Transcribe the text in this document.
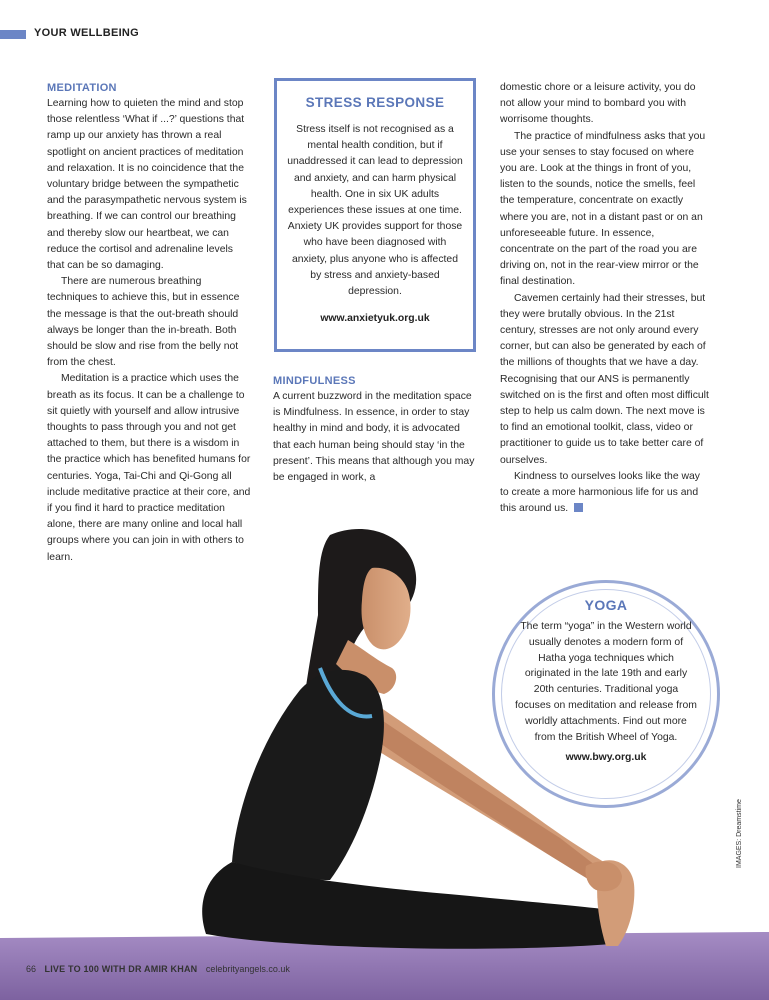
YOUR WELLBEING

MEDITATION

Learning how to quieten the mind and stop those relentless ‘What if ...?’ questions that ramp up our anxiety has thrown a real spotlight on ancient practices of meditation and relaxation. It is no coincidence that the voluntary bridge between the sympathetic and the parasympathetic nervous system is breathing. If we can control our breathing and thereby slow our heartbeat, we can reduce the cortisol and adrenaline levels that can be so damaging.

There are numerous breathing techniques to achieve this, but in essence the message is that the out-breath should always be longer than the in-breath. Both should be slow and rise from the belly not from the chest.

Meditation is a practice which uses the breath as its focus. It can be a challenge to sit quietly with yourself and allow intrusive thoughts to pass through you and not get attached to them, but there is a wisdom in the practice which has benefited humans for centuries. Yoga, Tai-Chi and Qi-Gong all include meditative practice at their core, and if you find it hard to practice meditation alone, there are many online and local hall groups where you can join in with others to learn.

STRESS RESPONSE
Stress itself is not recognised as a mental health condition, but if unaddressed it can lead to depression and anxiety, and can harm physical health. One in six UK adults experiences these issues at one time. Anxiety UK provides support for those who have been diagnosed with anxiety, plus anyone who is affected by stress and anxiety-based depression.
www.anxietyuk.org.uk

MINDFULNESS

A current buzzword in the meditation space is Mindfulness. In essence, in order to stay healthy in mind and body, it is advocated that each human being should stay ‘in the present’. This means that although you may be engaged in work, a

domestic chore or a leisure activity, you do not allow your mind to bombard you with worrisome thoughts.

The practice of mindfulness asks that you use your senses to stay focused on where you are. Look at the things in front of you, listen to the sounds, notice the smells, feel the temperature, concentrate on exactly where you are, not in a distant past or on an unforeseeable future. In essence, concentrate on the part of the road you are driving on, not in the rear-view mirror or the final destination.

Cavemen certainly had their stresses, but they were brutally obvious. In the 21st century, stresses are not only around every corner, but can also be generated by each of the millions of thoughts that we have a day. Recognising that our ANS is permanently switched on is the first and often most difficult step to help us calm down. The next move is to find an emotional toolkit, class, video or practitioner to guide us to take better care of ourselves.

Kindness to ourselves looks like the way to create a more harmonious life for us and this around us.

YOGA
The term “yoga” in the Western world usually denotes a modern form of Hatha yoga techniques which originated in the late 19th and early 20th centuries. Traditional yoga focuses on meditation and release from worldly attachments. Find out more from the British Wheel of Yoga.
www.bwy.org.uk
66 LIVE TO 100 WITH DR AMIR KHAN celebrityangels.co.uk
IMAGES: Dreamstime
